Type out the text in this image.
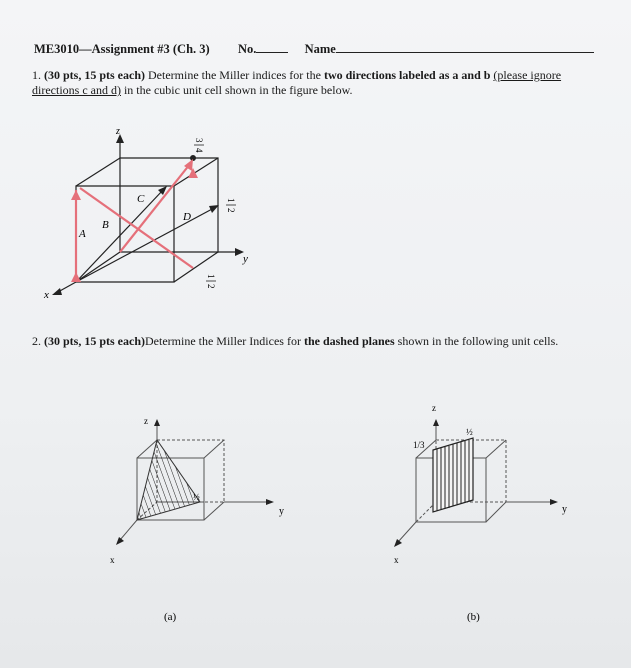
ME3010—Assignment #3 (Ch. 3) No.	Name
1. (30 pts, 15 pts each) Determine the Miller indices for the two directions labeled as a and b (please ignore directions c and d) in the cubic unit cell shown in the figure below.
z
y
x
A
B
C
D
3
4
1
2
1
2
2. (30 pts, 15 pts each)Determine the Miller Indices for the dashed planes shown in the following unit cells.
z
y
x
½
(a)
z
y
x
1/3
½
(b)
